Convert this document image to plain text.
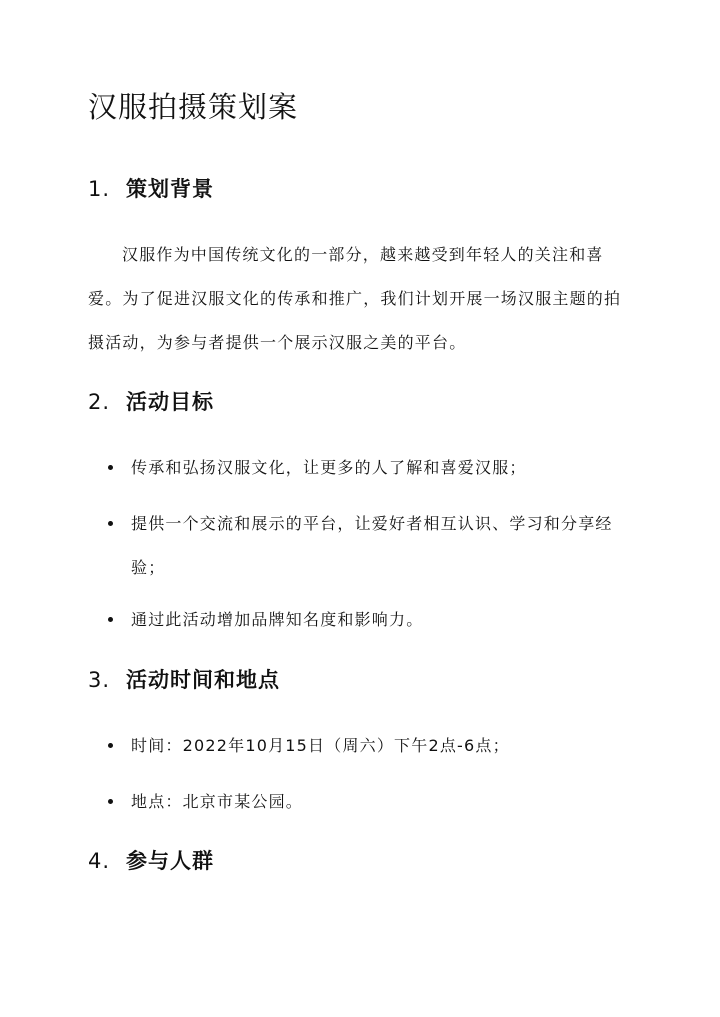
汉服拍摄策划案
1. 策划背景

汉服作为中国传统文化的一部分，越来越受到年轻人的关注和喜爱。为了促进汉服文化的传承和推广，我们计划开展一场汉服主题的拍摄活动，为参与者提供一个展示汉服之美的平台。

2. 活动目标
传承和弘扬汉服文化，让更多的人了解和喜爱汉服；
提供一个交流和展示的平台，让爱好者相互认识、学习和分享经验；
通过此活动增加品牌知名度和影响力。
3. 活动时间和地点
时间：2022年10月15日（周六）下午2点-6点；
地点：北京市某公园。
4. 参与人群
